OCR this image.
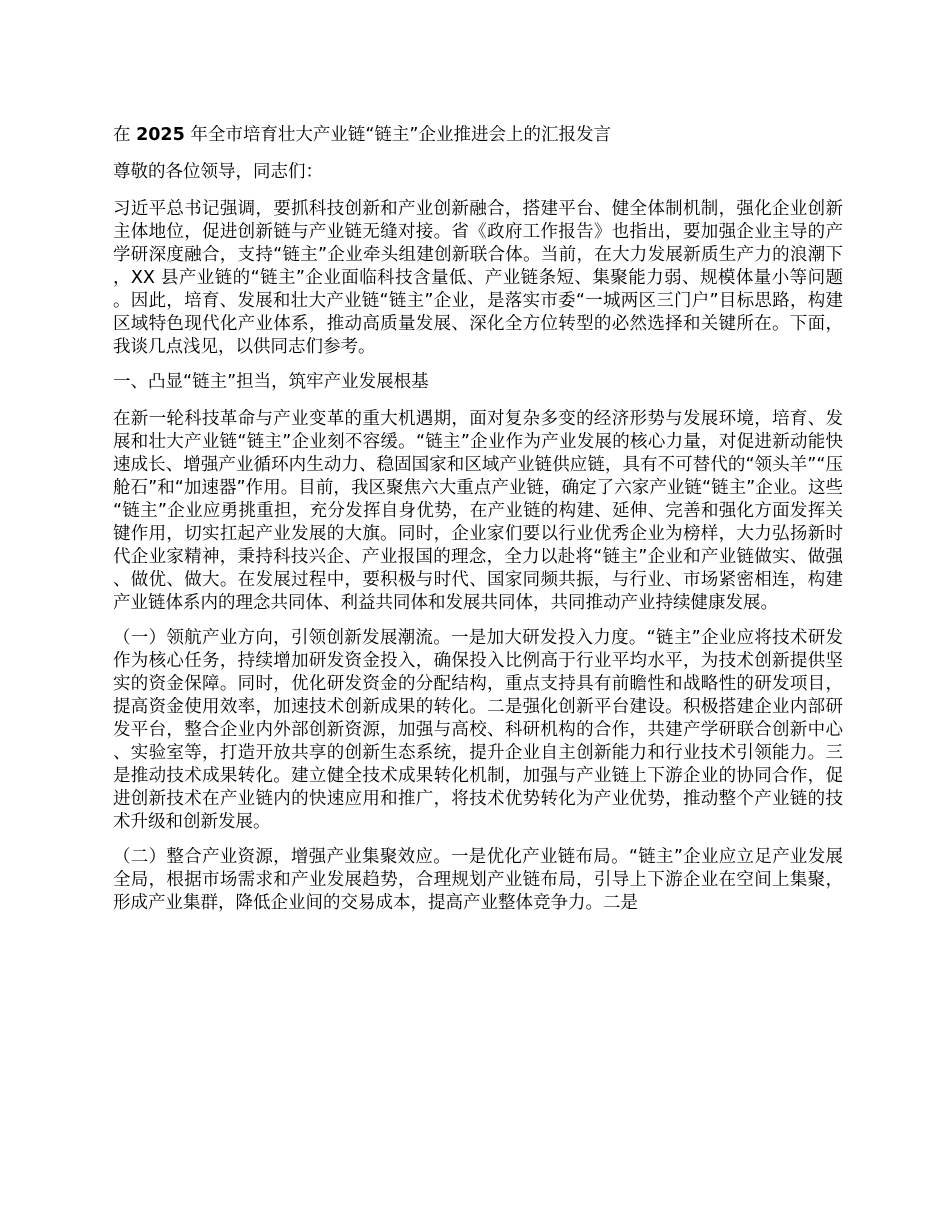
在 2025 年全市培育壮大产业链“链主”企业推进会上的汇报发言
尊敬的各位领导，同志们：
习近平总书记强调，要抓科技创新和产业创新融合，搭建平台、健全体制机制，强化企业创新主体地位，促进创新链与产业链无缝对接。省《政府工作报告》也指出，要加强企业主导的产学研深度融合，支持“链主”企业牵头组建创新联合体。当前，在大力发展新质生产力的浪潮下，XX 县产业链的“链主”企业面临科技含量低、产业链条短、集聚能力弱、规模体量小等问题。因此，培育、发展和壮大产业链“链主”企业，是落实市委“一城两区三门户”目标思路，构建区域特色现代化产业体系，推动高质量发展、深化全方位转型的必然选择和关键所在。下面，我谈几点浅见，以供同志们参考。
一、凸显“链主”担当，筑牢产业发展根基
在新一轮科技革命与产业变革的重大机遇期，面对复杂多变的经济形势与发展环境，培育、发展和壮大产业链“链主”企业刻不容缓。“链主”企业作为产业发展的核心力量，对促进新动能快速成长、增强产业循环内生动力、稳固国家和区域产业链供应链，具有不可替代的“领头羊”“压舱石”和“加速器”作用。目前，我区聚焦六大重点产业链，确定了六家产业链“链主”企业。这些“链主”企业应勇挑重担，充分发挥自身优势，在产业链的构建、延伸、完善和强化方面发挥关键作用，切实扛起产业发展的大旗。同时，企业家们要以行业优秀企业为榜样，大力弘扬新时代企业家精神，秉持科技兴企、产业报国的理念，全力以赴将“链主”企业和产业链做实、做强、做优、做大。在发展过程中，要积极与时代、国家同频共振，与行业、市场紧密相连，构建产业链体系内的理念共同体、利益共同体和发展共同体，共同推动产业持续健康发展。
（一）领航产业方向，引领创新发展潮流。一是加大研发投入力度。“链主”企业应将技术研发作为核心任务，持续增加研发资金投入，确保投入比例高于行业平均水平，为技术创新提供坚实的资金保障。同时，优化研发资金的分配结构，重点支持具有前瞻性和战略性的研发项目，提高资金使用效率，加速技术创新成果的转化。二是强化创新平台建设。积极搭建企业内部研发平台，整合企业内外部创新资源，加强与高校、科研机构的合作，共建产学研联合创新中心、实验室等，打造开放共享的创新生态系统，提升企业自主创新能力和行业技术引领能力。三是推动技术成果转化。建立健全技术成果转化机制，加强与产业链上下游企业的协同合作，促进创新技术在产业链内的快速应用和推广，将技术优势转化为产业优势，推动整个产业链的技术升级和创新发展。
（二）整合产业资源，增强产业集聚效应。一是优化产业链布局。“链主”企业应立足产业发展全局，根据市场需求和产业发展趋势，合理规划产业链布局，引导上下游企业在空间上集聚，形成产业集群，降低企业间的交易成本，提高产业整体竞争力。二是
